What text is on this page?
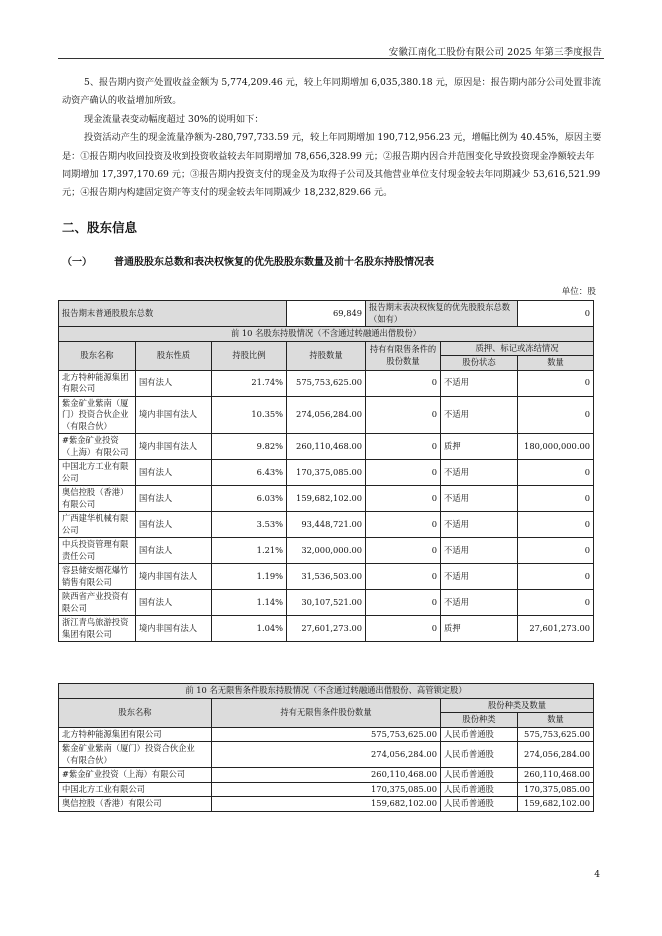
安徽江南化工股份有限公司 2025 年第三季度报告

5、报告期内资产处置收益金额为 5,774,209.46 元，较上年同期增加 6,035,380.18 元，原因是：报告期内部分公司处置非流动资产确认的收益增加所致。

现金流量表变动幅度超过 30%的说明如下：

投资活动产生的现金流量净额为-280,797,733.59 元，较上年同期增加 190,712,956.23 元，增幅比例为 40.45%，原因主要是：①报告期内收回投资及收到投资收益较去年同期增加 78,656,328.99 元；②报告期内因合并范围变化导致投资现金净额较去年同期增加 17,397,170.69 元；③报告期内投资支付的现金及为取得子公司及其他营业单位支付现金较去年同期减少 53,616,521.99 元；④报告期内构建固定资产等支付的现金较去年同期减少 18,232,829.66 元。

二、股东信息
（一） 普通股股东总数和表决权恢复的优先股股东数量及前十名股东持股情况表
单位：股
报告期末普通股股东总数			69,849	报告期末表决权恢复的优先股股东总数（如有）		0
前 10 名股东持股情况（不含通过转融通出借股份）						
股东名称	股东性质	持股比例	持股数量	持有有限售条件的股份数量	质押、标记或冻结情况	
					股份状态	数量
北方特种能源集团有限公司	国有法人	21.74%	575,753,625.00	0	不适用	0
紫金矿业紫南（厦门）投资合伙企业（有限合伙）	境内非国有法人	10.35%	274,056,284.00	0	不适用	0
#紫金矿业投资（上海）有限公司	境内非国有法人	9.82%	260,110,468.00	0	质押	180,000,000.00
中国北方工业有限公司	国有法人	6.43%	170,375,085.00	0	不适用	0
奥信控股（香港）有限公司	国有法人	6.03%	159,682,102.00	0	不适用	0
广西建华机械有限公司	国有法人	3.53%	93,448,721.00	0	不适用	0
中兵投资管理有限责任公司	国有法人	1.21%	32,000,000.00	0	不适用	0
容县储安烟花爆竹销售有限公司	境内非国有法人	1.19%	31,536,503.00	0	不适用	0
陕西省产业投资有限公司	国有法人	1.14%	30,107,521.00	0	不适用	0
浙江青鸟旅游投资集团有限公司	境内非国有法人	1.04%	27,601,273.00	0	质押	27,601,273.00
前 10 名无限售条件股东持股情况（不含通过转融通出借股份、高管锁定股）			
股东名称	持有无限售条件股份数量	股份种类及数量	
		股份种类	数量
北方特种能源集团有限公司	575,753,625.00	人民币普通股	575,753,625.00
紫金矿业紫南（厦门）投资合伙企业（有限合伙）	274,056,284.00	人民币普通股	274,056,284.00
#紫金矿业投资（上海）有限公司	260,110,468.00	人民币普通股	260,110,468.00
中国北方工业有限公司	170,375,085.00	人民币普通股	170,375,085.00
奥信控股（香港）有限公司	159,682,102.00	人民币普通股	159,682,102.00
4
